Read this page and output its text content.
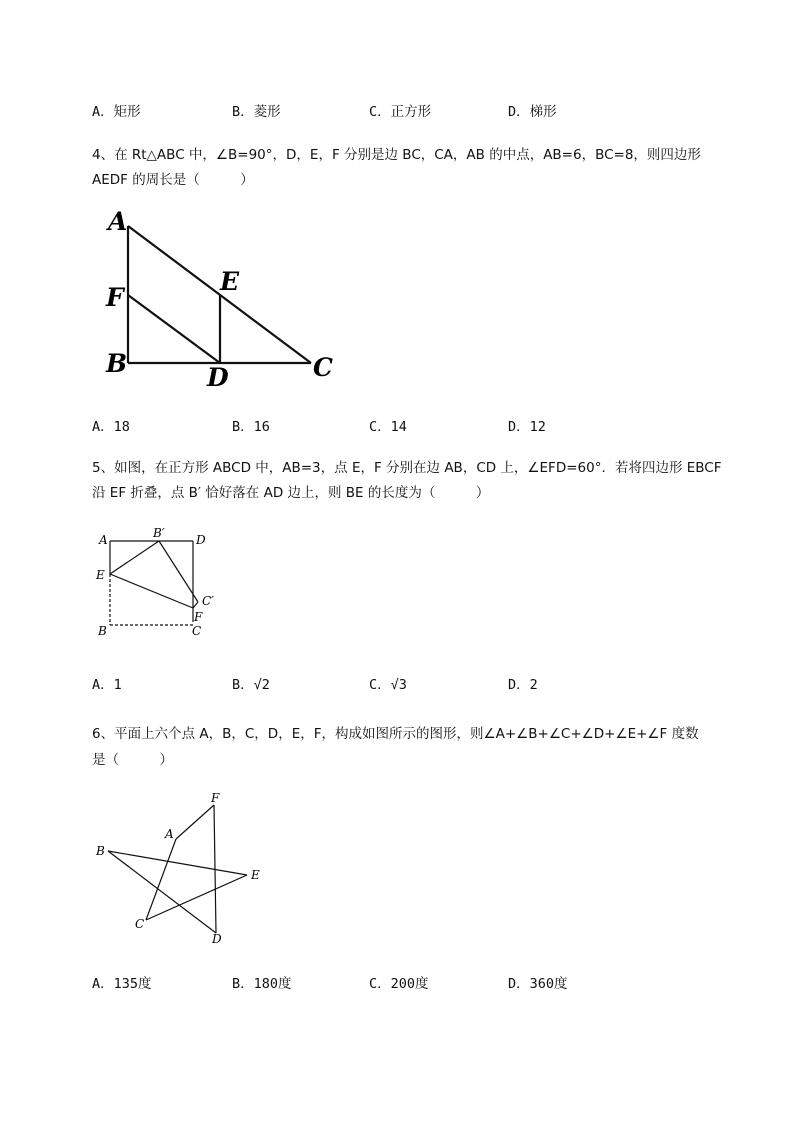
A．矩形	B．菱形	C．正方形	D．梯形
4、在 Rt△ABC 中，∠B=90°，D，E，F 分别是边 BC，CA，AB 的中点，AB=6，BC=8，则四边形
AEDF 的周长是（　　　）
A
F
B
E
D	C
A．18	B．16	C．14	D．12
5、如图，在正方形 ABCD 中，AB=3，点 E，F 分别在边 AB，CD 上，∠EFD=60°．若将四边形 EBCF
沿 EF 折叠，点 B′ 恰好落在 AD 边上，则 BE 的长度为（　　　）
A	B′	D
E
C′
F
B	C
A．1	B．√2	C．√3	D．2
6、平面上六个点 A，B，C，D，E，F，构成如图所示的图形，则∠A+∠B+∠C+∠D+∠E+∠F 度数
是（　　　）
F
A
B
E
C
D
A．135度	B．180度	C．200度	D．360度
